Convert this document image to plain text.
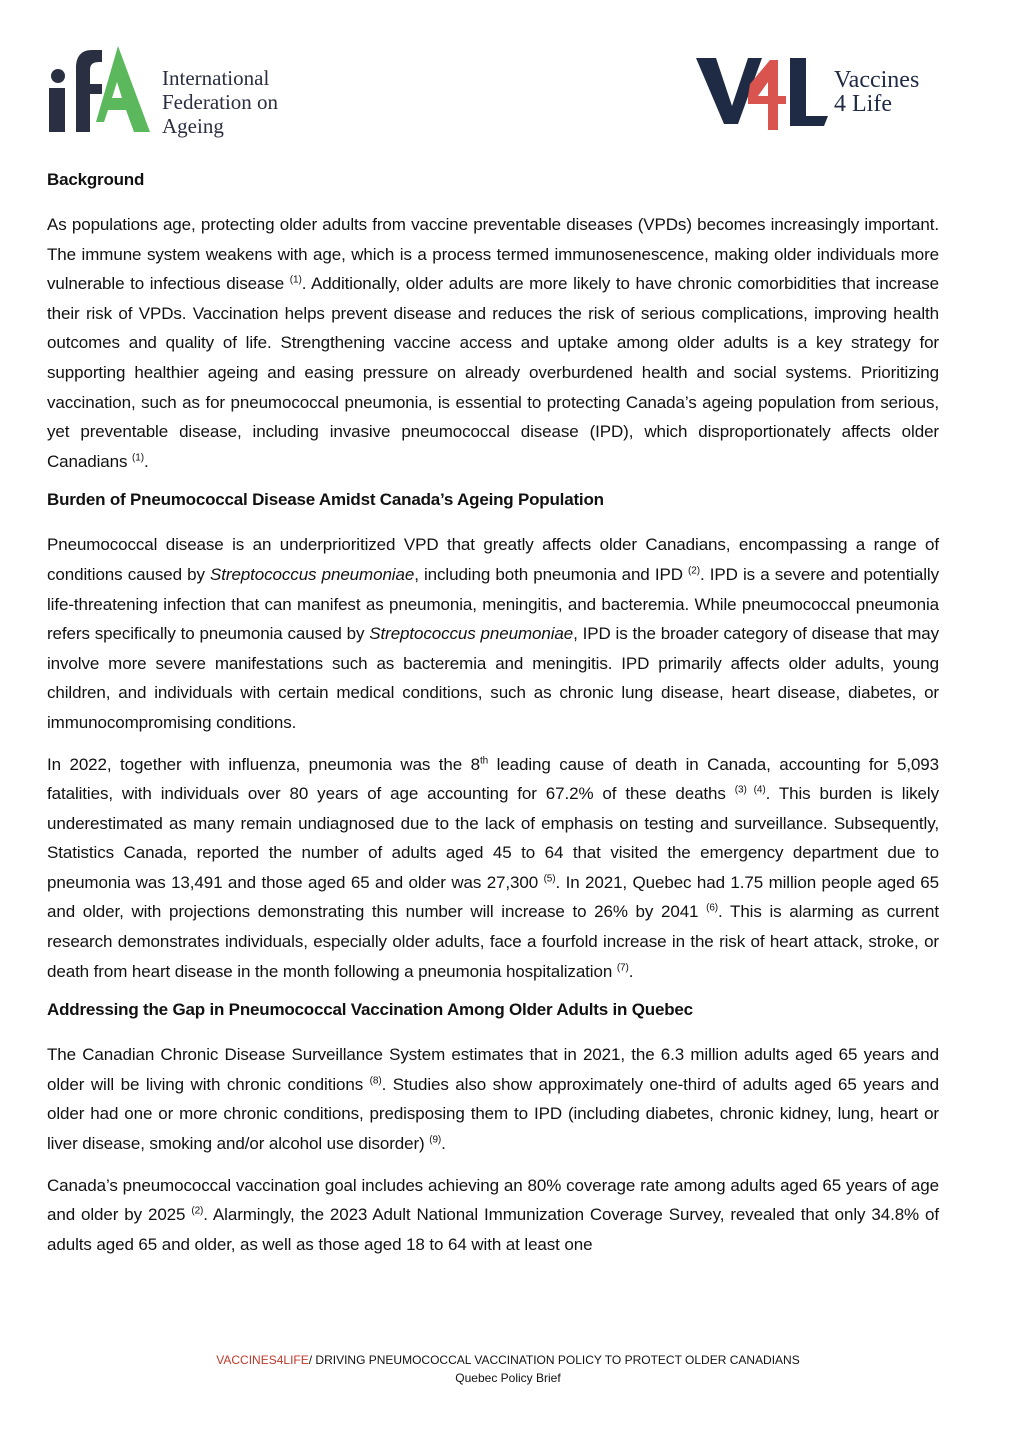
International
Federation on
Ageing
Vaccines
4 Life
Background

As populations age, protecting older adults from vaccine preventable diseases (VPDs) becomes increasingly important. The immune system weakens with age, which is a process termed immunosenescence, making older individuals more vulnerable to infectious disease $^{(1)}$. Additionally, older adults are more likely to have chronic comorbidities that increase their risk of VPDs. Vaccination helps prevent disease and reduces the risk of serious complications, improving health outcomes and quality of life. Strengthening vaccine access and uptake among older adults is a key strategy for supporting healthier ageing and easing pressure on already overburdened health and social systems. Prioritizing vaccination, such as for pneumococcal pneumonia, is essential to protecting Canada’s ageing population from serious, yet preventable disease, including invasive pneumococcal disease (IPD), which disproportionately affects older Canadians $^{(1)}$.

Burden of Pneumococcal Disease Amidst Canada’s Ageing Population

Pneumococcal disease is an underprioritized VPD that greatly affects older Canadians, encompassing a range of conditions caused by Streptococcus pneumoniae, including both pneumonia and IPD $^{(2)}$. IPD is a severe and potentially life-threatening infection that can manifest as pneumonia, meningitis, and bacteremia. While pneumococcal pneumonia refers specifically to pneumonia caused by Streptococcus pneumoniae, IPD is the broader category of disease that may involve more severe manifestations such as bacteremia and meningitis. IPD primarily affects older adults, young children, and individuals with certain medical conditions, such as chronic lung disease, heart disease, diabetes, or immunocompromising conditions.

In 2022, together with influenza, pneumonia was the 8th leading cause of death in Canada, accounting for 5,093 fatalities, with individuals over 80 years of age accounting for 67.2% of these deaths $^{(3) (4)}$. This burden is likely underestimated as many remain undiagnosed due to the lack of emphasis on testing and surveillance. Subsequently, Statistics Canada, reported the number of adults aged 45 to 64 that visited the emergency department due to pneumonia was 13,491 and those aged 65 and older was 27,300 $^{(5)}$. In 2021, Quebec had 1.75 million people aged 65 and older, with projections demonstrating this number will increase to 26% by 2041 $^{(6)}$. This is alarming as current research demonstrates individuals, especially older adults, face a fourfold increase in the risk of heart attack, stroke, or death from heart disease in the month following a pneumonia hospitalization $^{(7)}$.

Addressing the Gap in Pneumococcal Vaccination Among Older Adults in Quebec

The Canadian Chronic Disease Surveillance System estimates that in 2021, the 6.3 million adults aged 65 years and older will be living with chronic conditions $^{(8)}$. Studies also show approximately one-third of adults aged 65 years and older had one or more chronic conditions, predisposing them to IPD (including diabetes, chronic kidney, lung, heart or liver disease, smoking and/or alcohol use disorder) $^{(9)}$.

Canada’s pneumococcal vaccination goal includes achieving an 80% coverage rate among adults aged 65 years of age and older by 2025 $^{(2)}$. Alarmingly, the 2023 Adult National Immunization Coverage Survey, revealed that only 34.8% of adults aged 65 and older, as well as those aged 18 to 64 with at least one

VACCINES4LIFE/ DRIVING PNEUMOCOCCAL VACCINATION POLICY TO PROTECT OLDER CANADIANS
Quebec Policy Brief
